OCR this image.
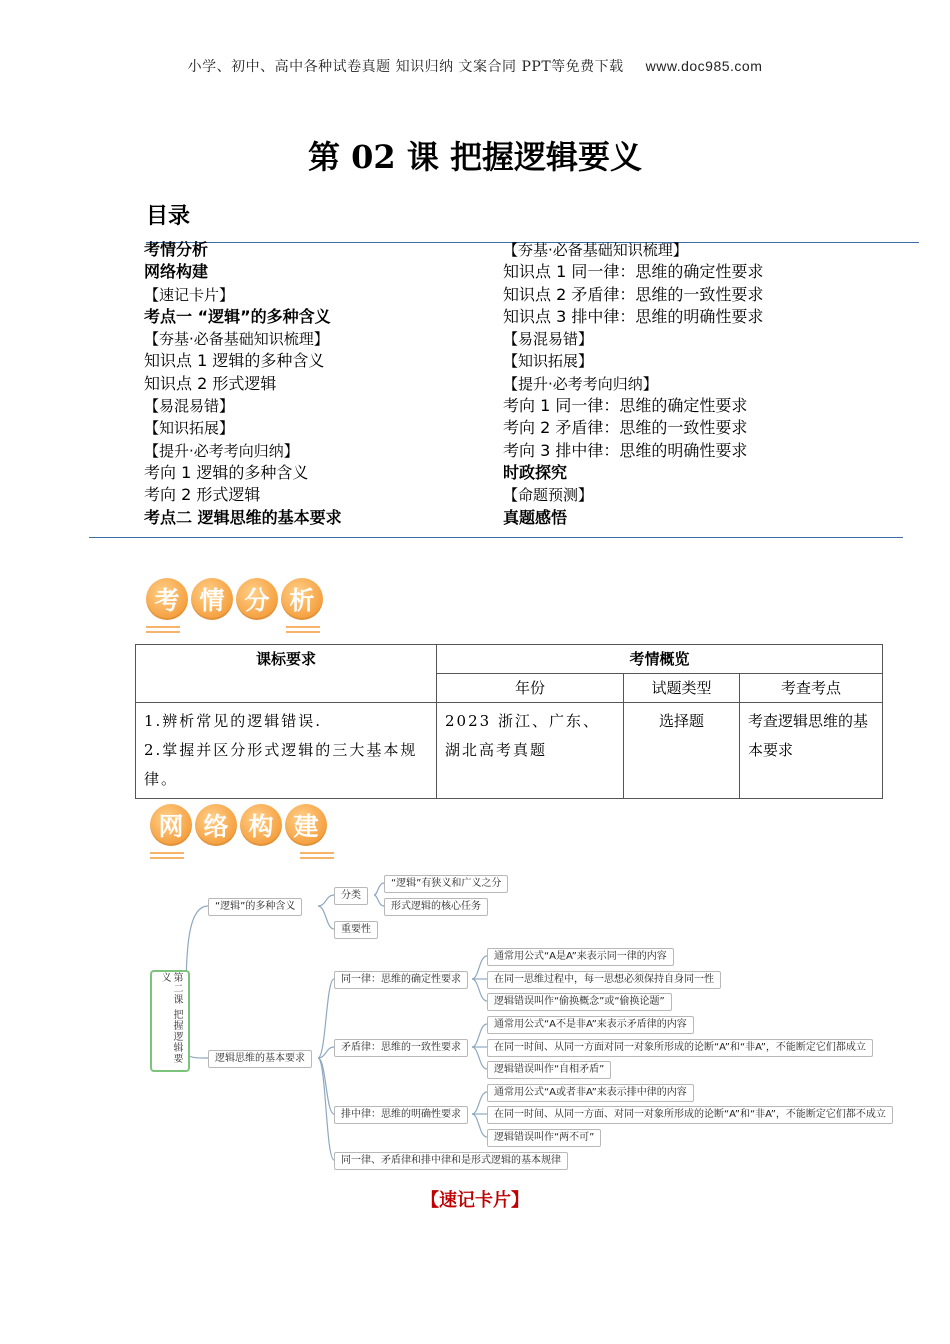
小学、初中、高中各种试卷真题 知识归纳 文案合同 PPT等免费下载 www.doc985.com
第 02 课 把握逻辑要义
目录
考情分析
网络构建
【速记卡片】
考点一 “逻辑”的多种含义
【夯基·必备基础知识梳理】
知识点 1 逻辑的多种含义
知识点 2 形式逻辑
【易混易错】
【知识拓展】
【提升·必考考向归纳】
考向 1 逻辑的多种含义
考向 2 形式逻辑
考点二 逻辑思维的基本要求
【夯基·必备基础知识梳理】
知识点 1 同一律：思维的确定性要求
知识点 2 矛盾律：思维的一致性要求
知识点 3 排中律：思维的明确性要求
【易混易错】
【知识拓展】
【提升·必考考向归纳】
考向 1 同一律：思维的确定性要求
考向 2 矛盾律：思维的一致性要求
考向 3 排中律：思维的明确性要求
时政探究
【命题预测】
真题感悟
考 情 分 析
课标要求	考情概览		
	年份	试题类型	考查考点

1.辨析常见的逻辑错误.
2.掌握并区分形式逻辑的三大基本规律。	2023 浙江、广东、湖北高考真题	选择题	考查逻辑思维的基本要求
网 络 构 建
第二课 把握逻辑要义
“逻辑”的多种含义
分类
“逻辑”有狭义和广义之分
形式逻辑的核心任务
重要性
逻辑思维的基本要求
同一律：思维的确定性要求
通常用公式“A是A”来表示同一律的内容
在同一思维过程中，每一思想必须保持自身同一性
逻辑错误叫作“偷换概念”或“偷换论题”
矛盾律：思维的一致性要求
通常用公式“A不是非A”来表示矛盾律的内容
在同一时间、从同一方面对同一对象所形成的论断“A”和“非A”，不能断定它们都成立
逻辑错误叫作“自相矛盾”
排中律：思维的明确性要求
通常用公式“A或者非A”来表示排中律的内容
在同一时间、从同一方面、对同一对象所形成的论断“A”和“非A”，不能断定它们都不成立
逻辑错误叫作“两不可”
同一律、矛盾律和排中律和是形式逻辑的基本规律
【速记卡片】
